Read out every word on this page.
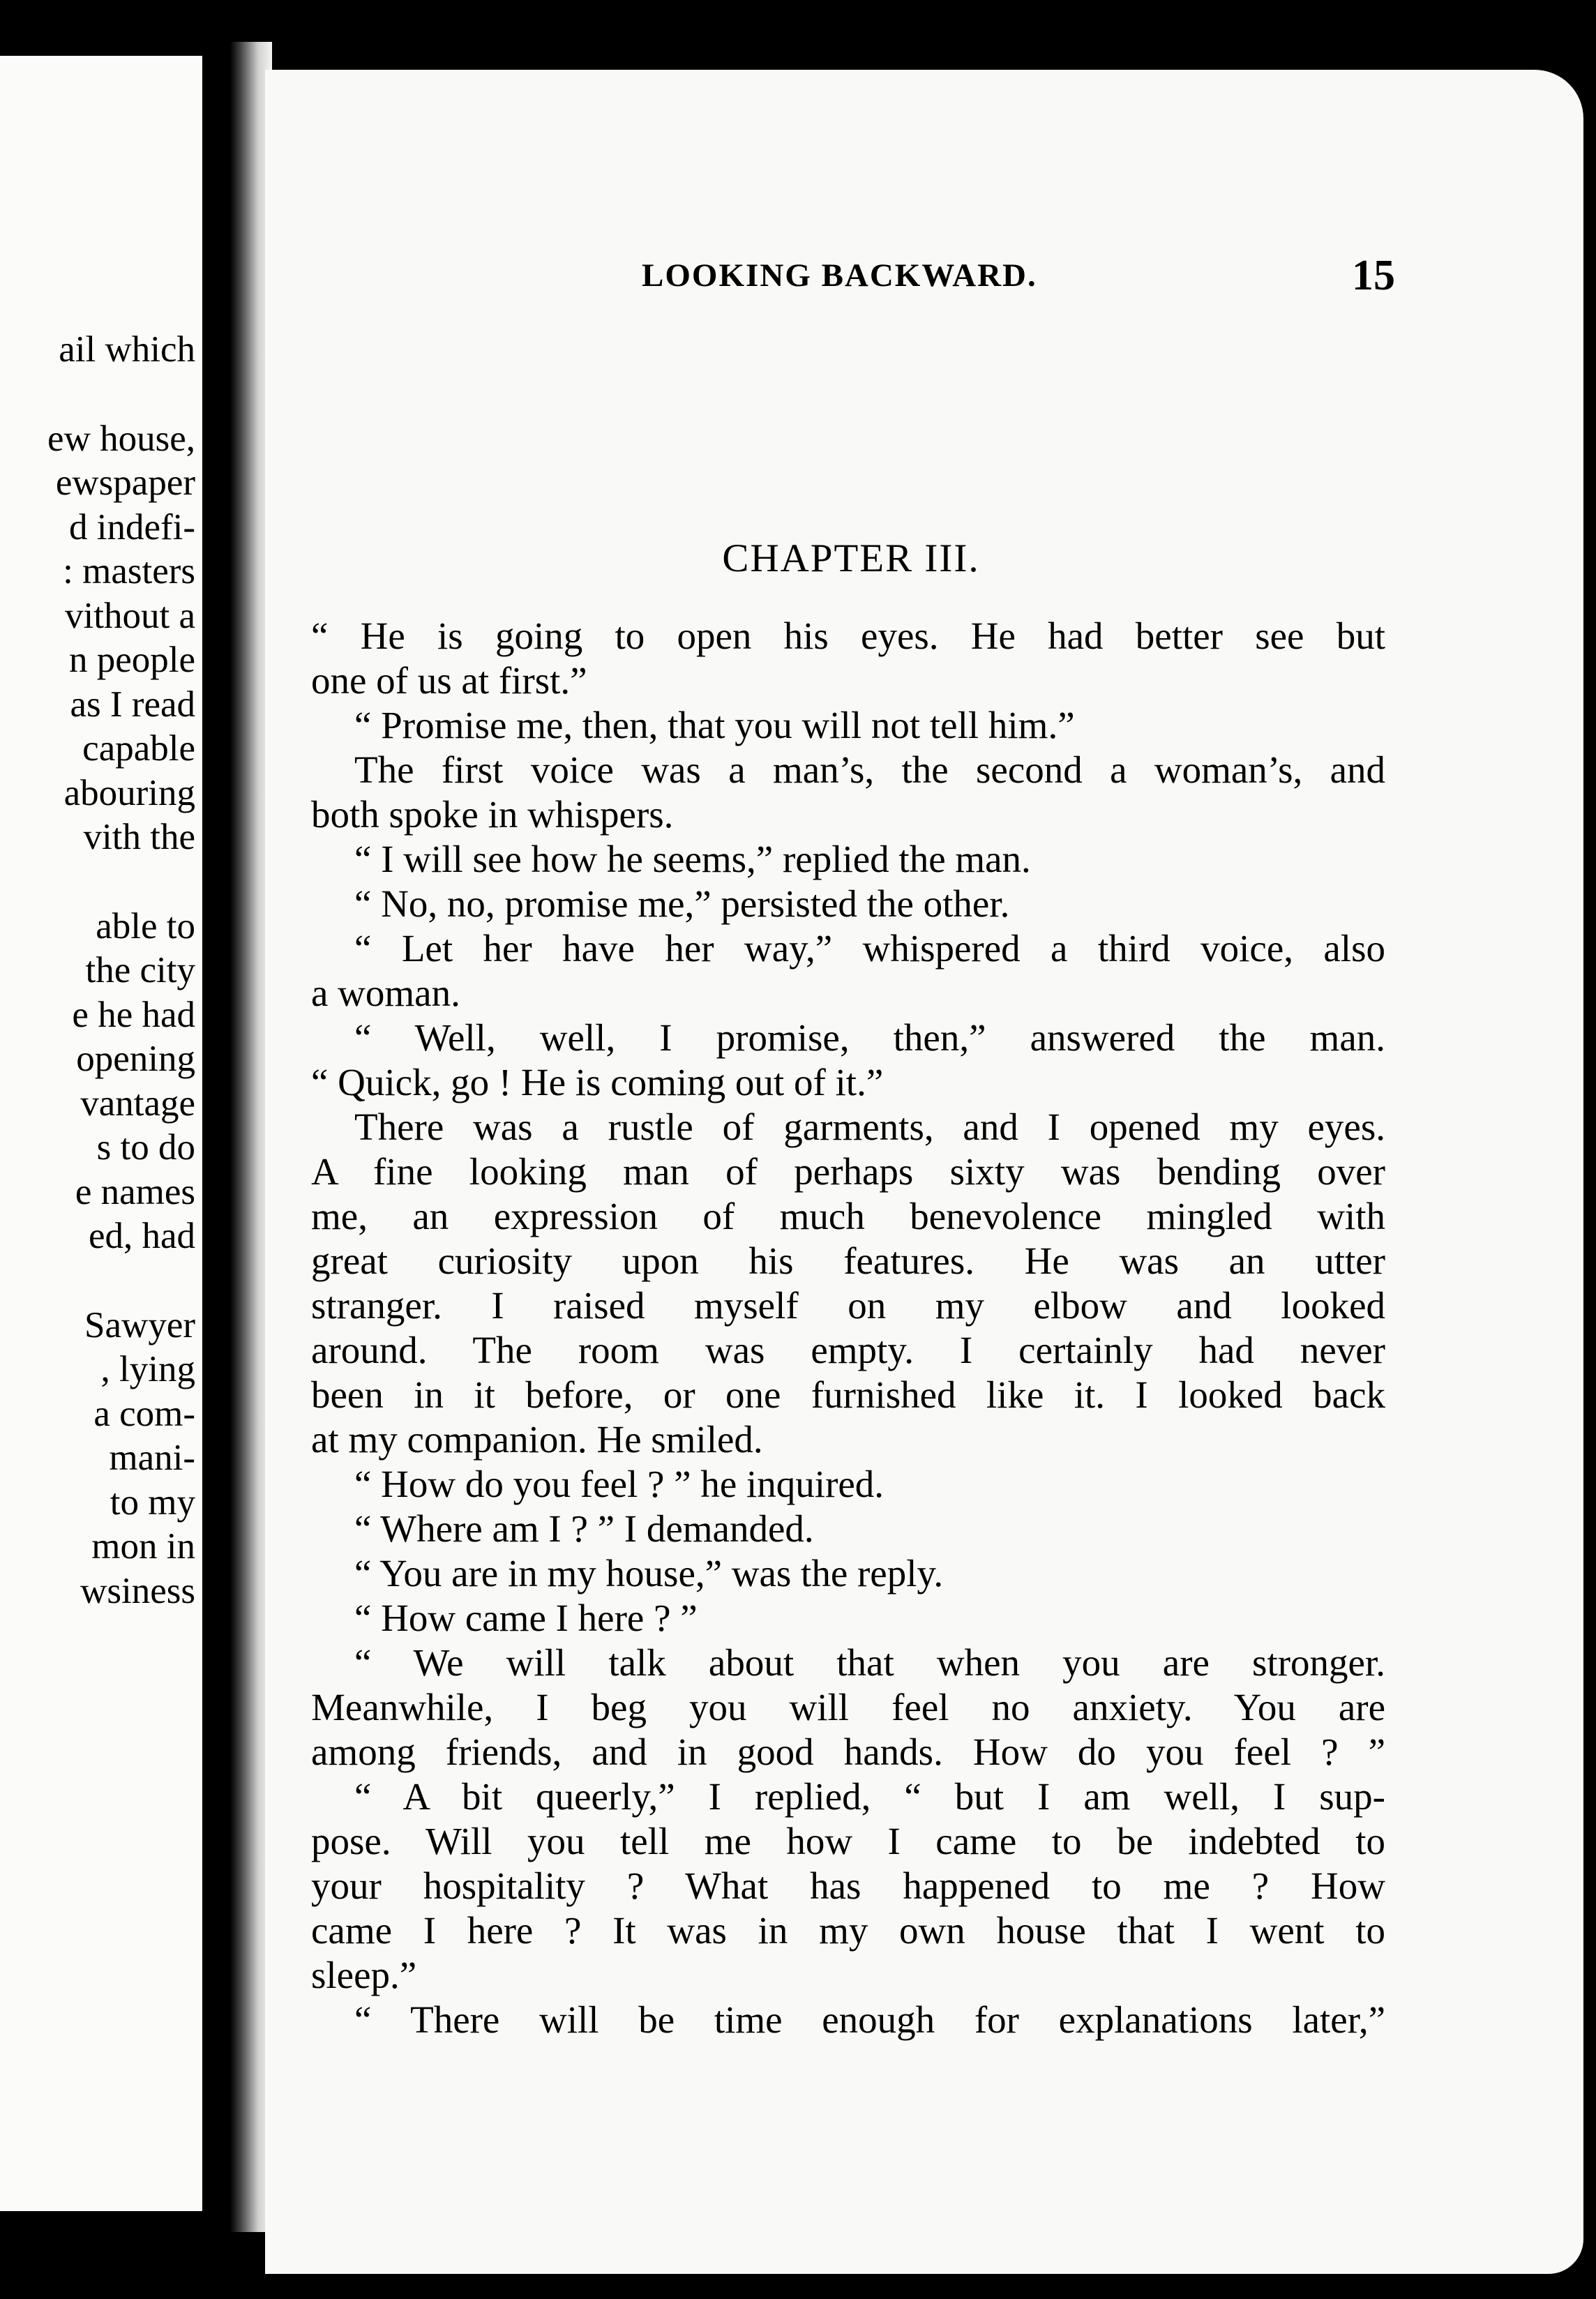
ail which
ew house,
ewspaper
d indefi-
: masters
vithout a
n people
as I read
capable
abouring
vith the
able to
the city
e he had
opening
vantage
s to do
e names
ed, had
Sawyer
, lying
a com-
mani-
to my
mon in
wsiness
LOOKING BACKWARD.	15
CHAPTER III.
“ He is going to open his eyes. He had better see but
one of us at first.”
“ Promise me, then, that you will not tell him.”
The first voice was a man’s, the second a woman’s, and
both spoke in whispers.
“ I will see how he seems,” replied the man.
“ No, no, promise me,” persisted the other.
“ Let her have her way,” whispered a third voice, also
a woman.
“ Well, well, I promise, then,” answered the man.
“ Quick, go ! He is coming out of it.”
There was a rustle of garments, and I opened my eyes.
A fine looking man of perhaps sixty was bending over
me, an expression of much benevolence mingled with
great curiosity upon his features. He was an utter
stranger. I raised myself on my elbow and looked
around. The room was empty. I certainly had never
been in it before, or one furnished like it. I looked back
at my companion. He smiled.
“ How do you feel ? ” he inquired.
“ Where am I ? ” I demanded.
“ You are in my house,” was the reply.
“ How came I here ? ”
“ We will talk about that when you are stronger.
Meanwhile, I beg you will feel no anxiety. You are
among friends, and in good hands. How do you feel ? ”
“ A bit queerly,” I replied, “ but I am well, I sup-
pose. Will you tell me how I came to be indebted to
your hospitality ? What has happened to me ? How
came I here ? It was in my own house that I went to
sleep.”
“ There will be time enough for explanations later,”
